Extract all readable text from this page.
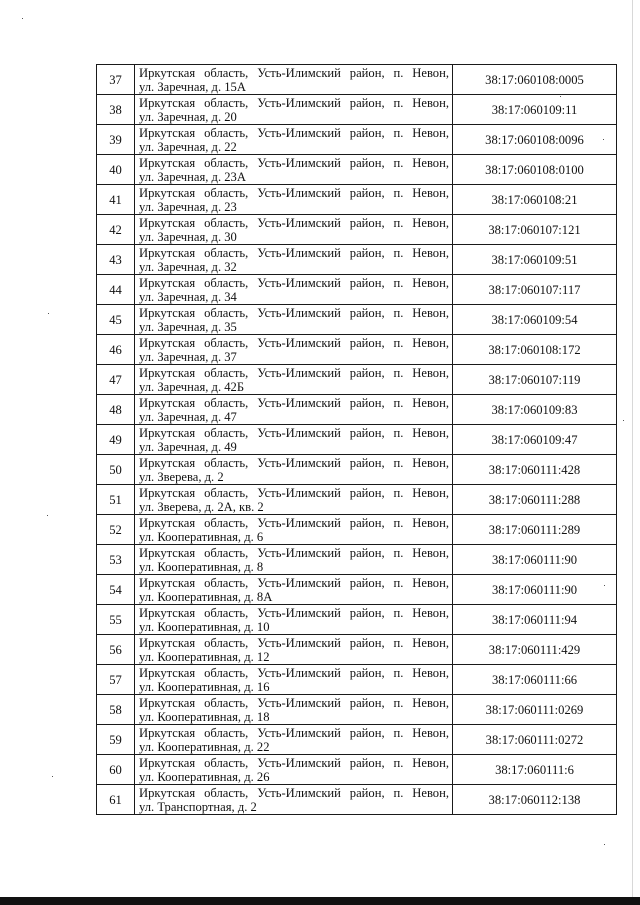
37	Иркутская область, Усть-Илимский район, п. Невон,
ул. Заречная, д. 15А	38:17:060108:0005
38	Иркутская область, Усть-Илимский район, п. Невон,
ул. Заречная, д. 20	38:17:060109:11
39	Иркутская область, Усть-Илимский район, п. Невон,
ул. Заречная, д. 22	38:17:060108:0096
40	Иркутская область, Усть-Илимский район, п. Невон,
ул. Заречная, д. 23А	38:17:060108:0100
41	Иркутская область, Усть-Илимский район, п. Невон,
ул. Заречная, д. 23	38:17:060108:21
42	Иркутская область, Усть-Илимский район, п. Невон,
ул. Заречная, д. 30	38:17:060107:121
43	Иркутская область, Усть-Илимский район, п. Невон,
ул. Заречная, д. 32	38:17:060109:51
44	Иркутская область, Усть-Илимский район, п. Невон,
ул. Заречная, д. 34	38:17:060107:117
45	Иркутская область, Усть-Илимский район, п. Невон,
ул. Заречная, д. 35	38:17:060109:54
46	Иркутская область, Усть-Илимский район, п. Невон,
ул. Заречная, д. 37	38:17:060108:172
47	Иркутская область, Усть-Илимский район, п. Невон,
ул. Заречная, д. 42Б	38:17:060107:119
48	Иркутская область, Усть-Илимский район, п. Невон,
ул. Заречная, д. 47	38:17:060109:83
49	Иркутская область, Усть-Илимский район, п. Невон,
ул. Заречная, д. 49	38:17:060109:47
50	Иркутская область, Усть-Илимский район, п. Невон,
ул. Зверева, д. 2	38:17:060111:428
51	Иркутская область, Усть-Илимский район, п. Невон,
ул. Зверева, д. 2А, кв. 2	38:17:060111:288
52	Иркутская область, Усть-Илимский район, п. Невон,
ул. Кооперативная, д. 6	38:17:060111:289
53	Иркутская область, Усть-Илимский район, п. Невон,
ул. Кооперативная, д. 8	38:17:060111:90
54	Иркутская область, Усть-Илимский район, п. Невон,
ул. Кооперативная, д. 8А	38:17:060111:90
55	Иркутская область, Усть-Илимский район, п. Невон,
ул. Кооперативная, д. 10	38:17:060111:94
56	Иркутская область, Усть-Илимский район, п. Невон,
ул. Кооперативная, д. 12	38:17:060111:429
57	Иркутская область, Усть-Илимский район, п. Невон,
ул. Кооперативная, д. 16	38:17:060111:66
58	Иркутская область, Усть-Илимский район, п. Невон,
ул. Кооперативная, д. 18	38:17:060111:0269
59	Иркутская область, Усть-Илимский район, п. Невон,
ул. Кооперативная, д. 22	38:17:060111:0272
60	Иркутская область, Усть-Илимский район, п. Невон,
ул. Кооперативная, д. 26	38:17:060111:6
61	Иркутская область, Усть-Илимский район, п. Невон,
ул. Транспортная, д. 2	38:17:060112:138
